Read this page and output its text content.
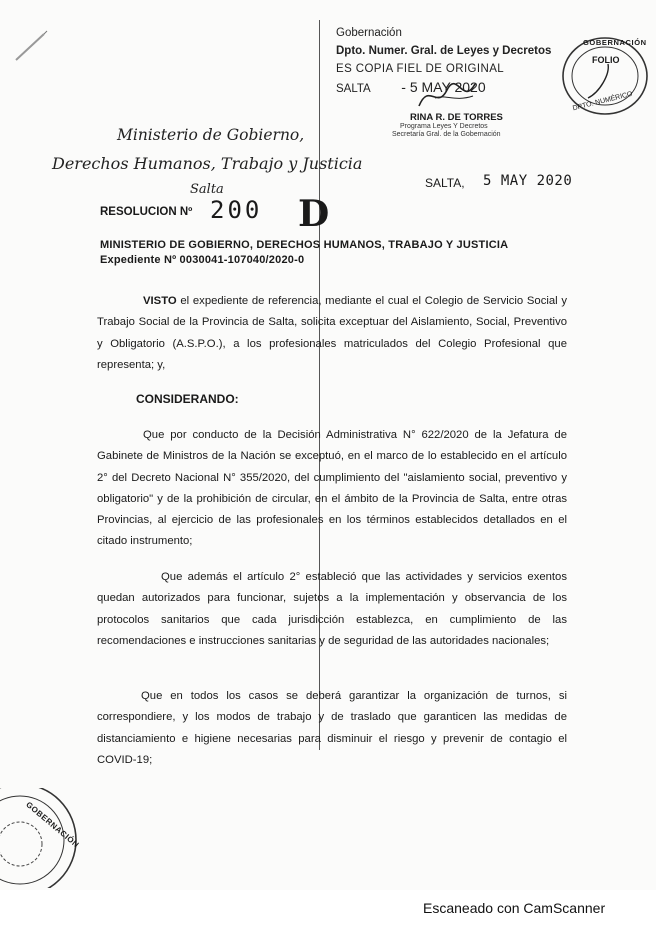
Gobernación
Dpto. Numer. Gral. de Leyes y Decretos
ES COPIA FIEL DE ORIGINAL
SALTA - 5 MAY 2020
RINA R. DE TORRES
Programa Leyes Y Decretos
Secretaría Gral. de la Gobernación
GOBERNACIÓN
FOLIO
DPTO. NUMÉRICO
Ministerio de Gobierno,
Derechos Humanos, Trabajo y Justicia
Salta	SALTA, 5 MAY 2020
RESOLUCION Nº 200 D
MINISTERIO DE GOBIERNO, DERECHOS HUMANOS, TRABAJO Y JUSTICIA
Expediente Nº 0030041-107040/2020-0
VISTO el expediente de referencia, mediante el cual el Colegio de Servicio Social y Trabajo Social de la Provincia de Salta, solicita exceptuar del Aislamiento, Social, Preventivo y Obligatorio (A.S.P.O.), a los profesionales matriculados del Colegio Profesional que representa; y,
CONSIDERANDO:
Que por conducto de la Decisión Administrativa N° 622/2020 de la Jefatura de Gabinete de Ministros de la Nación se exceptuó, en el marco de lo establecido en el artículo 2° del Decreto Nacional N° 355/2020, del cumplimiento del "aislamiento social, preventivo y obligatorio" y de la prohibición de circular, en el ámbito de la Provincia de Salta, entre otras Provincias, al ejercicio de las profesionales en los términos establecidos detallados en el citado instrumento;
Que además el artículo 2° estableció que las actividades y servicios exentos quedan autorizados para funcionar, sujetos a la implementación y observancia de los protocolos sanitarios que cada jurisdicción establezca, en cumplimiento de las recomendaciones e instrucciones sanitarias y de seguridad de las autoridades nacionales;
Que en todos los casos se deberá garantizar la organización de turnos, si correspondiere, y los modos de trabajo y de traslado que garanticen las medidas de distanciamiento e higiene necesarias para disminuir el riesgo y prevenir de contagio el COVID-19;
GOBERNACIÓN
Escaneado con CamScanner
